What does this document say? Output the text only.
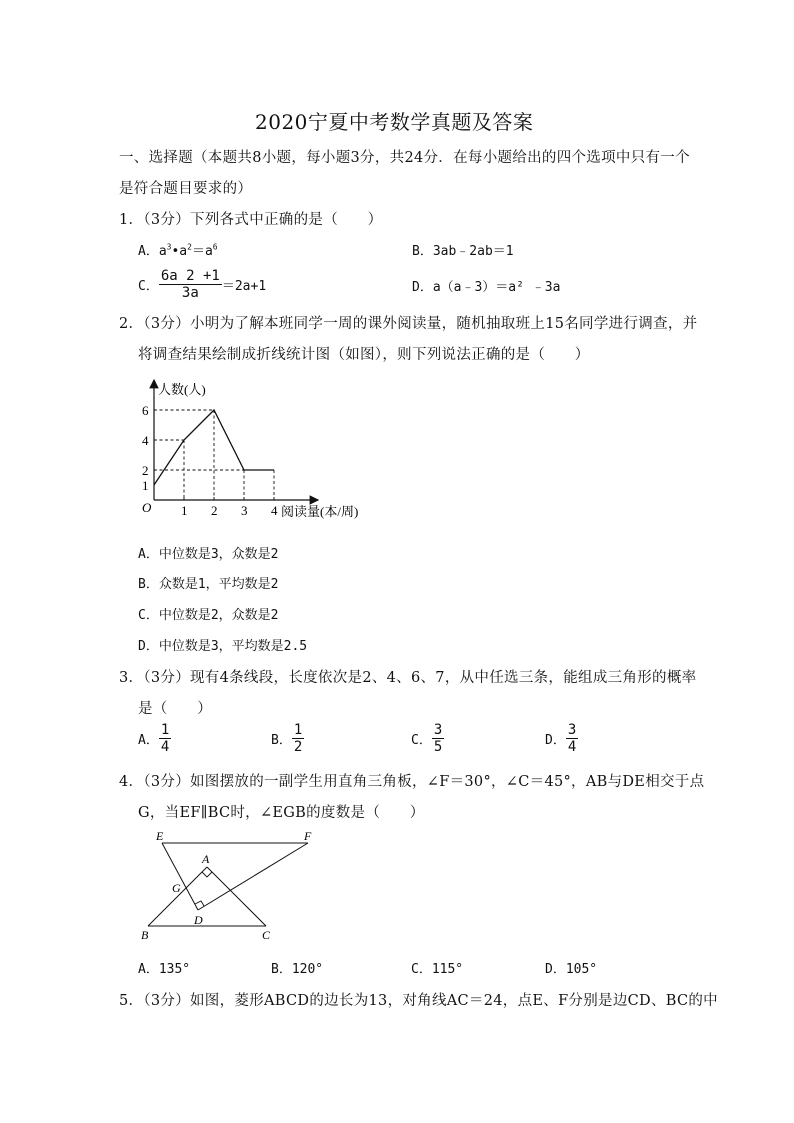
2020宁夏中考数学真题及答案
一、选择题（本题共8小题，每小题3分，共24分．在每小题给出的四个选项中只有一个
是符合题目要求的）
1．（3分）下列各式中正确的是（　　）
A．$a^3•a^2=a^6$	B．3ab﹣2ab＝1
C． $\frac{6a 2 +1}{3a} =2a+1$	D．a（a﹣3）＝a² ﹣3a
2．（3分）小明为了解本班同学一周的课外阅读量，随机抽取班上15名同学进行调查，并
将调查结果绘制成折线统计图（如图），则下列说法正确的是（　　）
1 2 3 4
1
2
4
6
O
人数(人)
阅读量(本/周)
A．中位数是3，众数是2
B．众数是1，平均数是2
C．中位数是2，众数是2
D．中位数是3，平均数是2.5
3．（3分）现有4条线段，长度依次是2、4、6、7，从中任选三条，能组成三角形的概率
是（　　）
A． $\frac{1}{4}$	B． $\frac{1}{2}$	C． $\frac{3}{5}$	D． $\frac{3}{4}$
4．（3分）如图摆放的一副学生用直角三角板，∠F＝30°，∠C＝45°，AB与DE相交于点
G，当EF∥BC时，∠EGB的度数是（　　）
E	F
A
G
D
B	C
A．135°	B．120°	C．115°	D．105°
5．（3分）如图，菱形ABCD的边长为13，对角线AC＝24，点E、F分别是边CD、BC的中
